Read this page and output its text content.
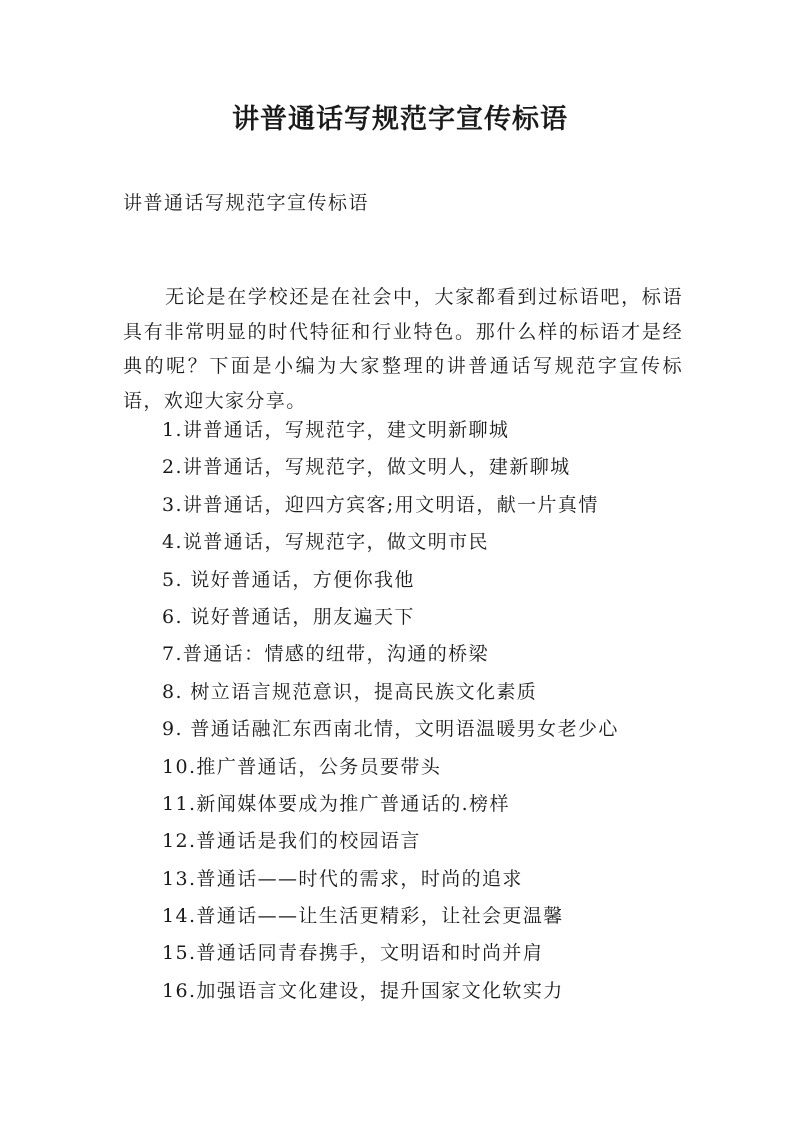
讲普通话写规范字宣传标语
讲普通话写规范字宣传标语

无论是在学校还是在社会中，大家都看到过标语吧，标语具有非常明显的时代特征和行业特色。那什么样的标语才是经典的呢？下面是小编为大家整理的讲普通话写规范字宣传标语，欢迎大家分享。

1.讲普通话，写规范字，建文明新聊城
2.讲普通话，写规范字，做文明人，建新聊城
3.讲普通话，迎四方宾客;用文明语，献一片真情
4.说普通话，写规范字，做文明市民
5. 说好普通话，方便你我他
6. 说好普通话，朋友遍天下
7.普通话：情感的纽带，沟通的桥梁
8. 树立语言规范意识，提高民族文化素质
9. 普通话融汇东西南北情，文明语温暖男女老少心
10.推广普通话，公务员要带头
11.新闻媒体要成为推广普通话的.榜样
12.普通话是我们的校园语言
13.普通话——时代的需求，时尚的追求
14.普通话——让生活更精彩，让社会更温馨
15.普通话同青春携手，文明语和时尚并肩
16.加强语言文化建设，提升国家文化软实力
